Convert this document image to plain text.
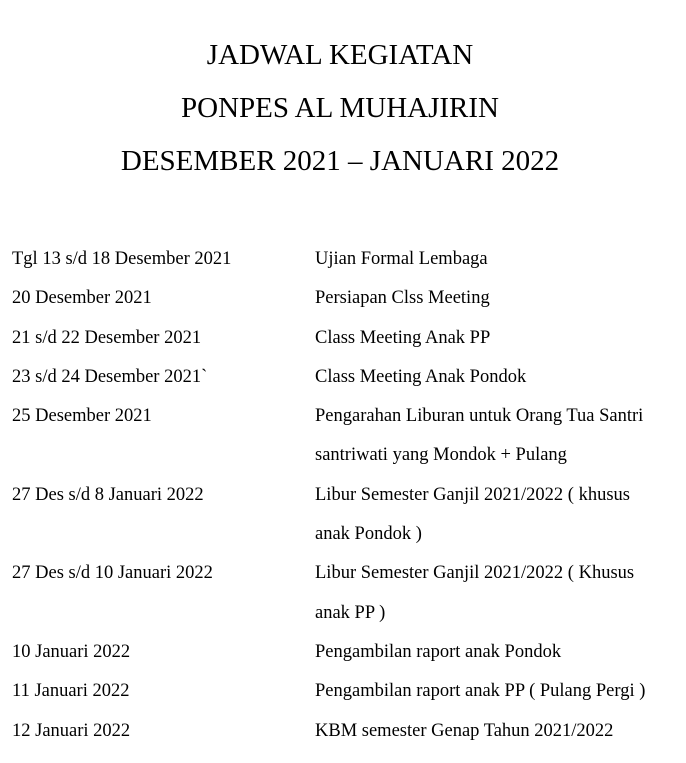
JADWAL KEGIATAN
PONPES AL MUHAJIRIN
DESEMBER 2021 – JANUARI 2022
Tgl 13 s/d 18 Desember 2021	Ujian Formal Lembaga
20 Desember 2021	Persiapan Clss Meeting
21 s/d 22 Desember 2021	Class Meeting Anak PP
23 s/d 24 Desember 2021`	Class Meeting Anak Pondok
25 Desember 2021	Pengarahan Liburan untuk Orang Tua Santri
santriwati yang Mondok + Pulang
27 Des s/d 8 Januari 2022	Libur Semester Ganjil 2021/2022 ( khusus
anak Pondok )
27 Des s/d 10 Januari 2022	Libur Semester Ganjil 2021/2022 ( Khusus
anak PP )
10 Januari 2022	Pengambilan raport anak Pondok
11 Januari 2022	Pengambilan raport anak PP ( Pulang Pergi )
12 Januari 2022	KBM semester Genap Tahun 2021/2022
